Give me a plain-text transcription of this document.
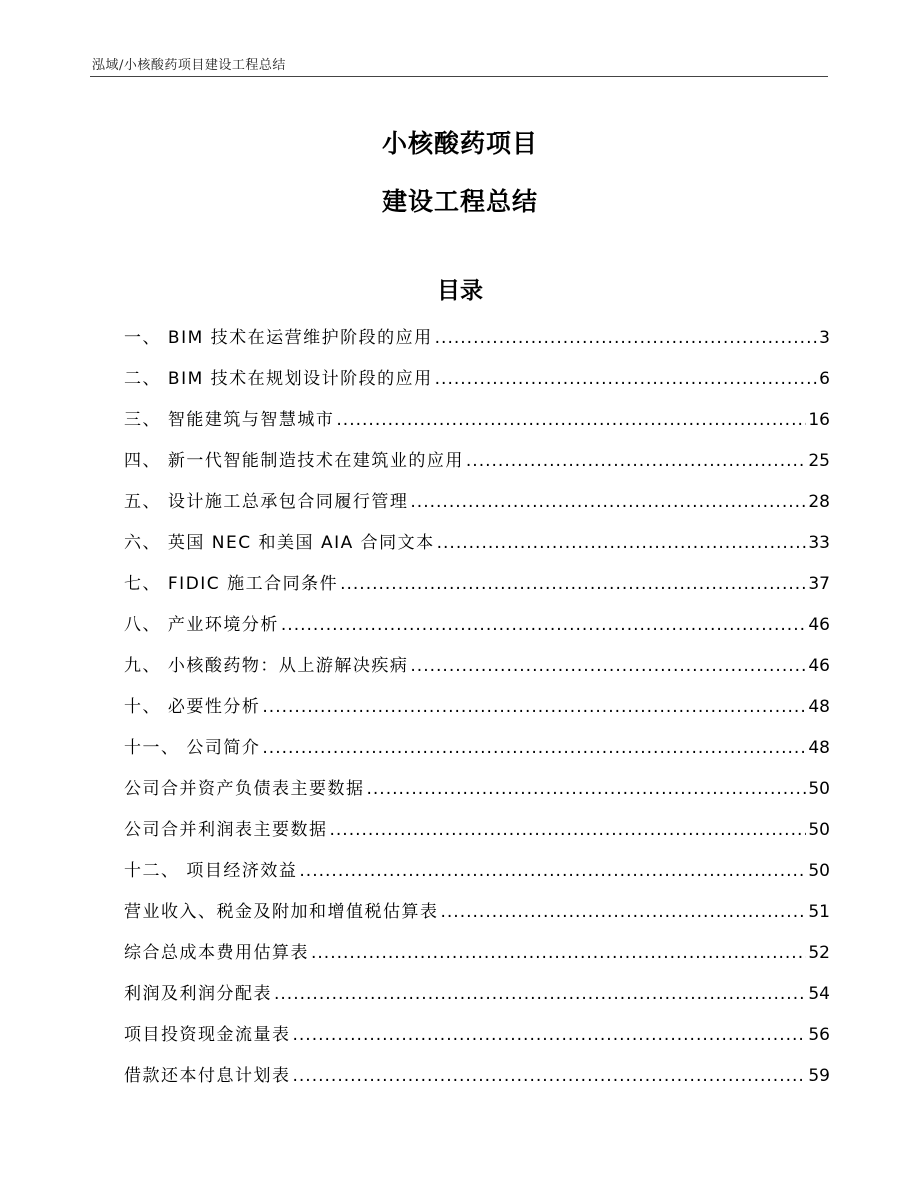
泓域/小核酸药项目建设工程总结
小核酸药项目
建设工程总结
目录
一、 BIM 技术在运营维护阶段的应用 .....	3
二、 BIM 技术在规划设计阶段的应用 .....	6
三、 智能建筑与智慧城市 .....	16
四、 新一代智能制造技术在建筑业的应用 .....	25
五、 设计施工总承包合同履行管理 .....	28
六、 英国 NEC 和美国 AIA 合同文本 .....	33
七、 FIDIC 施工合同条件 .....	37
八、 产业环境分析 .....	46
九、 小核酸药物：从上游解决疾病 .....	46
十、 必要性分析 .....	48
十一、 公司简介 .....	48
公司合并资产负债表主要数据 .....	50
公司合并利润表主要数据 .....	50
十二、 项目经济效益 .....	50
营业收入、税金及附加和增值税估算表 .....	51
综合总成本费用估算表 .....	52
利润及利润分配表 .....	54
项目投资现金流量表 .....	56
借款还本付息计划表 .....	59
